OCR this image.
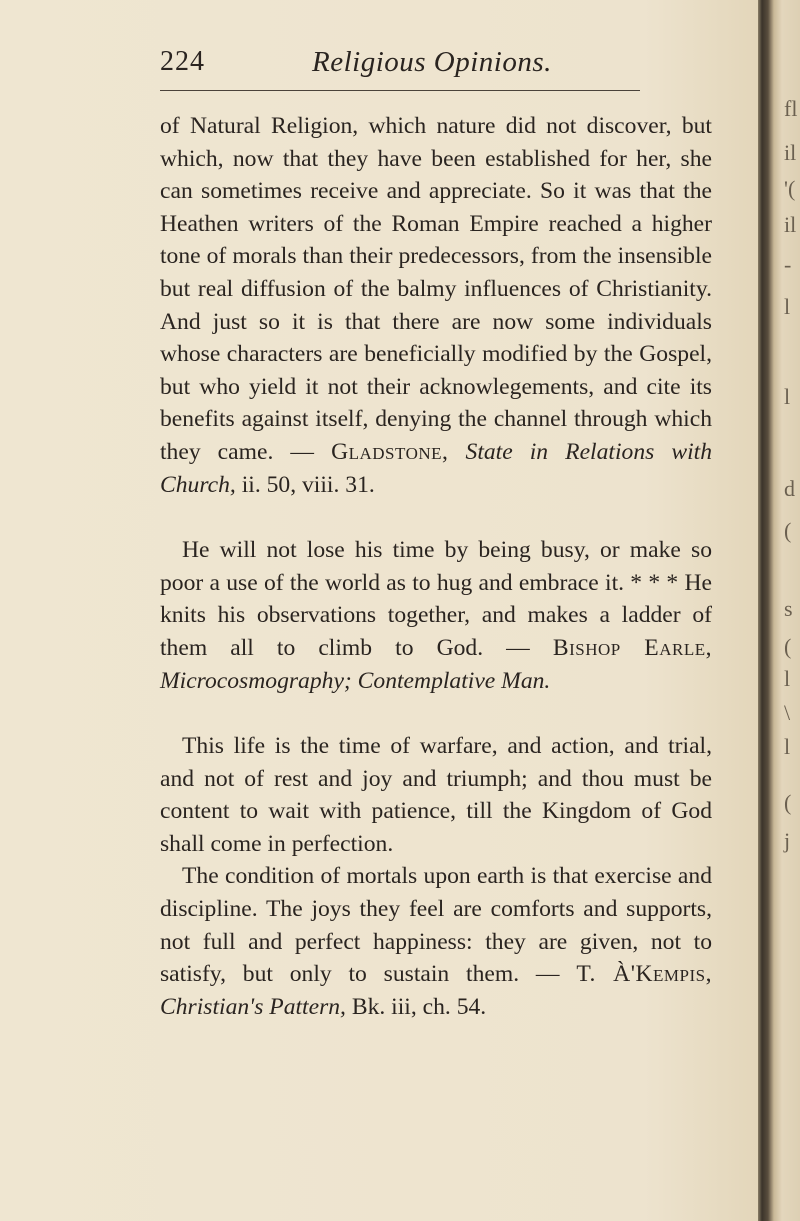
fl
il
'(
il
-
l
l
d
(
s
(
l
\
l
(
j
224	Religious Opinions.

of Natural Religion, which nature did not discover, but which, now that they have been established for her, she can sometimes receive and appreciate. So it was that the Heathen writers of the Roman Empire reached a higher tone of morals than their predecessors, from the insensible but real diffusion of the balmy influences of Christianity. And just so it is that there are now some individuals whose characters are beneficially modified by the Gospel, but who yield it not their acknowlegements, and cite its benefits against itself, denying the channel through which they came. — Gladstone, State in Relations with Church, ii. 50, viii. 31.

He will not lose his time by being busy, or make so poor a use of the world as to hug and embrace it. * * * He knits his observations together, and makes a ladder of them all to climb to God. — Bishop Earle, Microcosmography; Contemplative Man.

This life is the time of warfare, and action, and trial, and not of rest and joy and triumph; and thou must be content to wait with patience, till the Kingdom of God shall come in perfection.

The condition of mortals upon earth is that exercise and discipline. The joys they feel are comforts and supports, not full and perfect happiness: they are given, not to satisfy, but only to sustain them. — T. À'Kempis, Christian's Pattern, Bk. iii, ch. 54.
